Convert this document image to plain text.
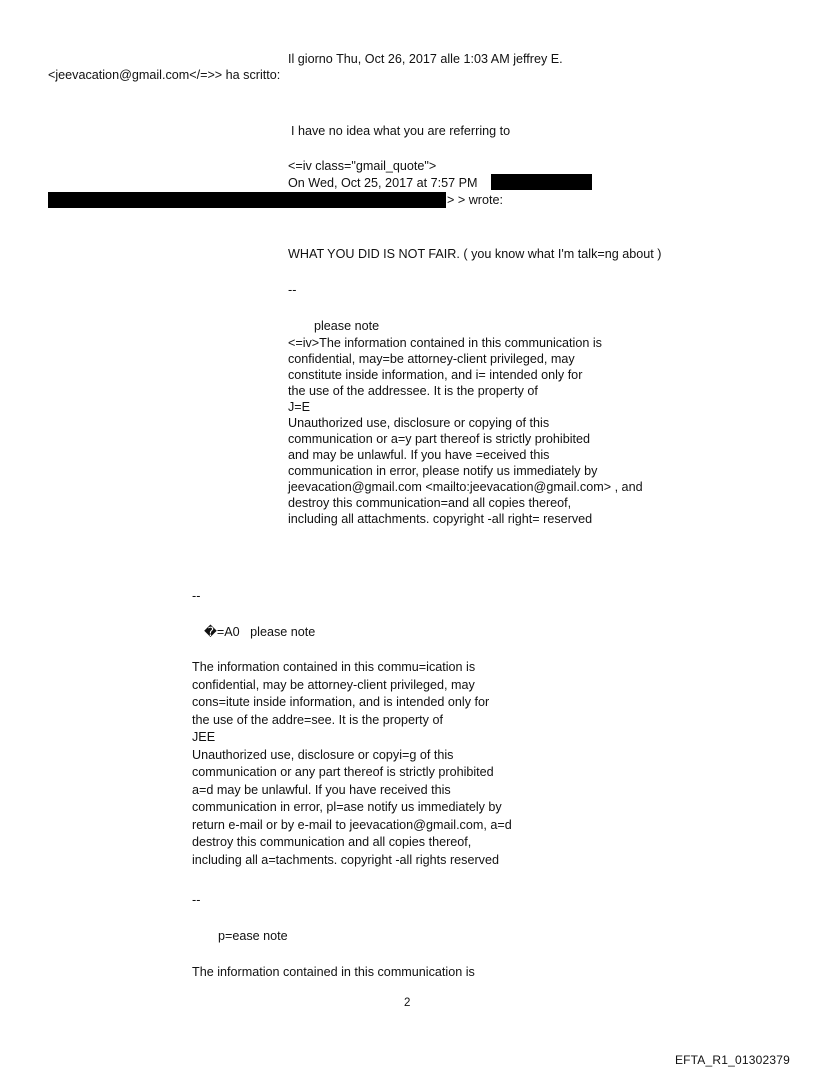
Il giorno Thu, Oct 26, 2017 alle 1:03 AM jeffrey E.
<jeevacation@gmail.com</=>> ha scritto:
I have no idea what you are referring to
<=iv class="gmail_quote">
On Wed, Oct 25, 2017 at 7:57 PM
> > wrote:
WHAT YOU DID IS NOT FAIR. ( you know what I'm talk=ng about )
--
please note
<=iv>The information contained in this communication is
confidential, may=be attorney-client privileged, may
constitute inside information, and i= intended only for
the use of the addressee. It is the property of
J=E
Unauthorized use, disclosure or copying of this
communication or a=y part thereof is strictly prohibited
and may be unlawful. If you have =eceived this
communication in error, please notify us immediately by
jeevacation@gmail.com <mailto:jeevacation@gmail.com> , and
destroy this communication=and all copies thereof,
including all attachments. copyright -all right= reserved
--
�=A0   please note
The information contained in this commu=ication is
confidential, may be attorney-client privileged, may
cons=itute inside information, and is intended only for
the use of the addre=see. It is the property of
JEE
Unauthorized use, disclosure or copyi=g of this
communication or any part thereof is strictly prohibited
a=d may be unlawful. If you have received this
communication in error, pl=ase notify us immediately by
return e-mail or by e-mail to jeevacation@gmail.com, a=d
destroy this communication and all copies thereof,
including all a=tachments. copyright -all rights reserved
--
p=ease note
The information contained in this communication is
2
EFTA_R1_01302379
